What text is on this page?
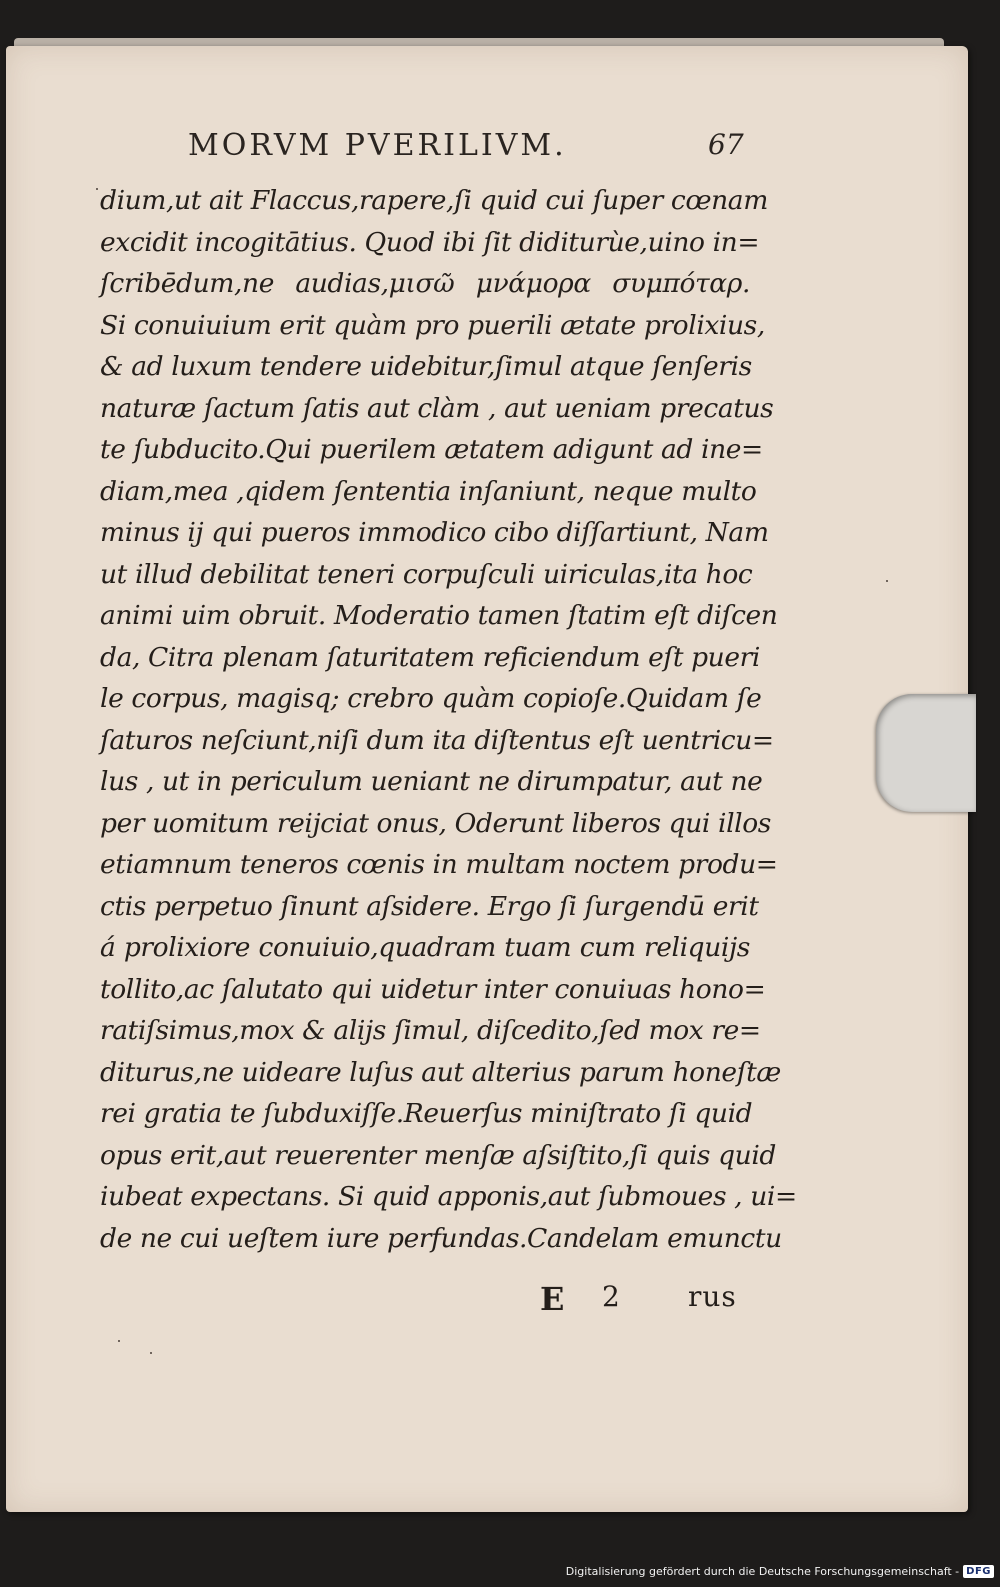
MORVM PVERILIVM.	67
dium,ut ait Flaccus,rapere,ſi quid cui ſuper cœnam
excidit incogitātius. Quod ibi ſit diditurùe,uino in=
ſcribēdum,ne audias,μισῶ μνάμορα συμπόταρ.
Si conuiuium erit quàm pro puerili ætate prolixius,
& ad luxum tendere uidebitur,ſimul atque ſenſeris
naturæ ſactum ſatis aut clàm , aut ueniam precatus
te ſubducito.Qui puerilem ætatem adigunt ad ine=
diam,mea ,qidem ſententia inſaniunt, neque multo
minus ij qui pueros immodico cibo diſſartiunt, Nam
ut illud debilitat teneri corpuſculi uiriculas,ita hoc
animi uim obruit. Moderatio tamen ſtatim eſt diſcen
da, Citra plenam ſaturitatem reficiendum eſt pueri
le corpus, magisq; crebro quàm copioſe.Quidam ſe
ſaturos neſciunt,niſi dum ita diſtentus eſt uentricu=
lus , ut in periculum ueniant ne dirumpatur, aut ne
per uomitum reijciat onus, Oderunt liberos qui illos
etiamnum teneros cœnis in multam noctem produ=
ctis perpetuo ſinunt aſsidere. Ergo ſi ſurgendū erit
á prolixiore conuiuio,quadram tuam cum reliquijs
tollito,ac ſalutato qui uidetur inter conuiuas hono=
ratiſsimus,mox & alijs ſimul, diſcedito,ſed mox re=
diturus,ne uideare luſus aut alterius parum honeſtæ
rei gratia te ſubduxiſſe.Reuerſus miniſtrato ſi quid
opus erit,aut reuerenter menſæ aſsiſtito,ſi quis quid
iubeat expectans. Si quid apponis,aut ſubmoues , ui=
de ne cui ueſtem iure perfundas.Candelam emunctu
E 2 rus
Digitalisierung gefördert durch die Deutsche Forschungsgemeinschaft - DFG
